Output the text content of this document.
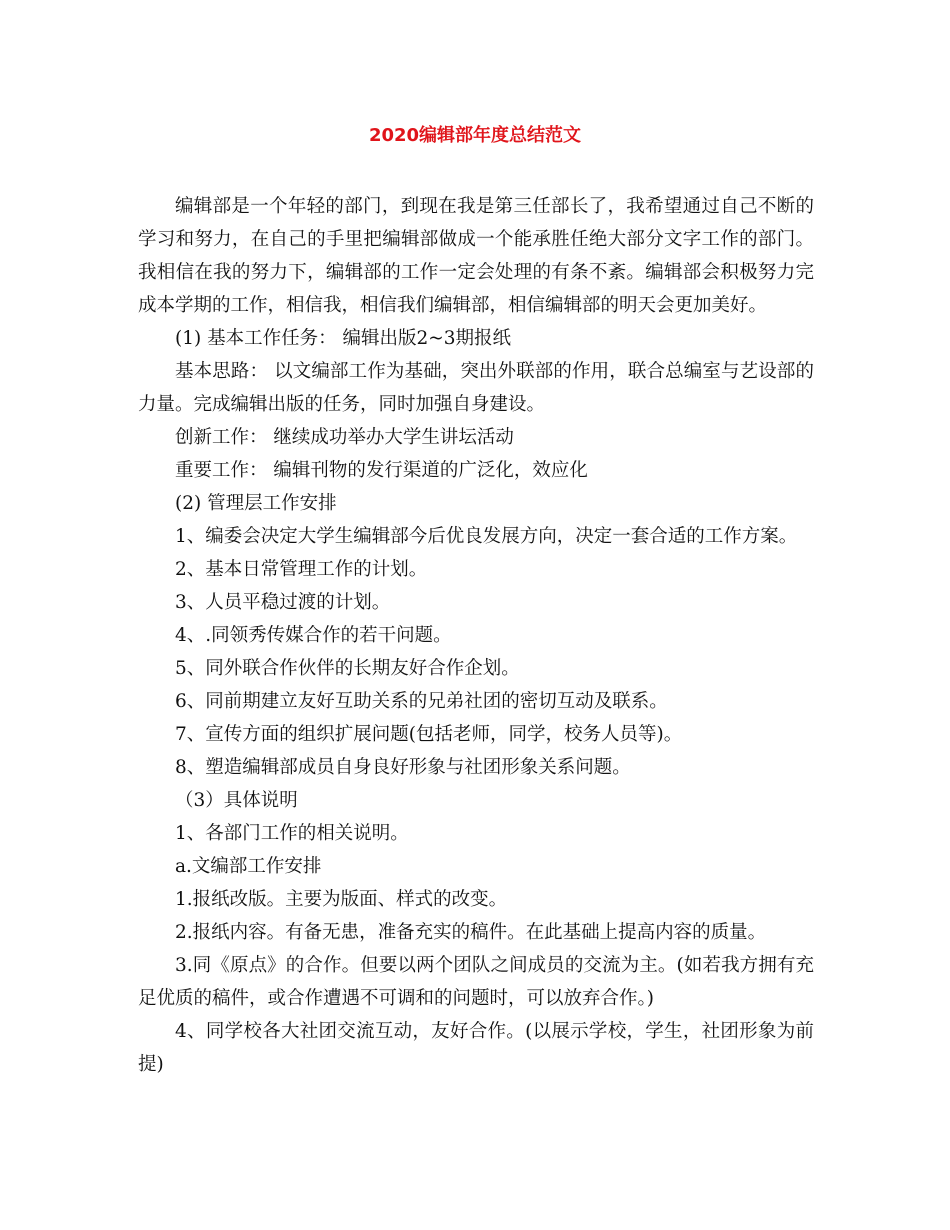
2020编辑部年度总结范文

编辑部是一个年轻的部门，到现在我是第三任部长了，我希望通过自己不断的学习和努力，在自己的手里把编辑部做成一个能承胜任绝大部分文字工作的部门。我相信在我的努力下，编辑部的工作一定会处理的有条不紊。编辑部会积极努力完成本学期的工作，相信我，相信我们编辑部，相信编辑部的明天会更加美好。

(1) 基本工作任务： 编辑出版2~3期报纸

基本思路： 以文编部工作为基础，突出外联部的作用，联合总编室与艺设部的力量。完成编辑出版的任务，同时加强自身建设。

创新工作： 继续成功举办大学生讲坛活动

重要工作： 编辑刊物的发行渠道的广泛化，效应化

(2) 管理层工作安排

1、编委会决定大学生编辑部今后优良发展方向，决定一套合适的工作方案。

2、基本日常管理工作的计划。

3、人员平稳过渡的计划。

4、.同领秀传媒合作的若干问题。

5、同外联合作伙伴的长期友好合作企划。

6、同前期建立友好互助关系的兄弟社团的密切互动及联系。

7、宣传方面的组织扩展问题(包括老师，同学，校务人员等)。

8、塑造编辑部成员自身良好形象与社团形象关系问题。

（3）具体说明

1、各部门工作的相关说明。

a.文编部工作安排

1.报纸改版。主要为版面、样式的改变。

2.报纸内容。有备无患，准备充实的稿件。在此基础上提高内容的质量。

3.同《原点》的合作。但要以两个团队之间成员的交流为主。(如若我方拥有充足优质的稿件，或合作遭遇不可调和的问题时，可以放弃合作。)

4、同学校各大社团交流互动，友好合作。(以展示学校，学生，社团形象为前提)
